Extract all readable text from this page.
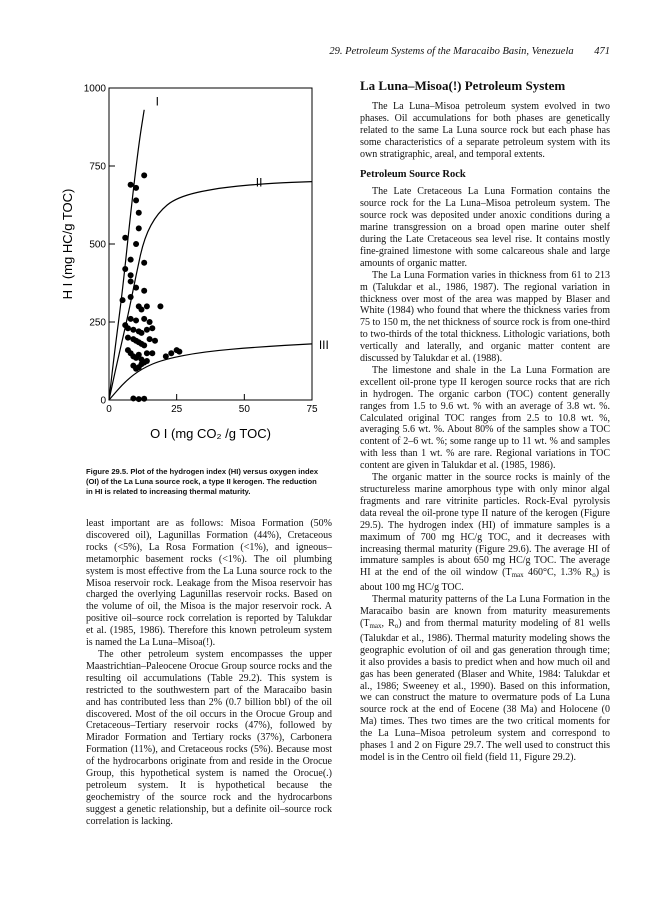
29. Petroleum Systems of the Maracaibo Basin, Venezuela 471
0
250
500
750
1000
0	25	50	75
O I (mg CO₂ /g TOC)
H I (mg HC/g TOC)
I
II
III
Figure 29.5. Plot of the hydrogen index (HI) versus oxygen index (OI) of the La Luna source rock, a type II kerogen. The reduction in HI is related to increasing thermal maturity.

least important are as follows: Misoa Formation (50% discovered oil), Lagunillas Formation (44%), Cretaceous rocks (<5%), La Rosa Formation (<1%), and igneous–metamorphic basement rocks (<1%). The oil plumbing system is most effective from the La Luna source rock to the Misoa reservoir rock. Leakage from the Misoa reservoir has charged the overlying Lagunillas reservoir rocks. Based on the volume of oil, the Misoa is the major reservoir rock. A positive oil–source rock correlation is reported by Talukdar et al. (1985, 1986). Therefore this known petroleum system is named the La Luna–Misoa(!).

The other petroleum system encompasses the upper Maastrichtian–Paleocene Orocue Group source rocks and the resulting oil accumulations (Table 29.2). This system is restricted to the southwestern part of the Maracaibo basin and has contributed less than 2% (0.7 billion bbl) of the oil discovered. Most of the oil occurs in the Orocue Group and Cretaceous–Tertiary reservoir rocks (47%), followed by Mirador Formation and Tertiary rocks (37%), Carbonera Formation (11%), and Cretaceous rocks (5%). Because most of the hydrocarbons originate from and reside in the Orocue Group, this hypothetical system is named the Orocue(.) petroleum system. It is hypothetical because the geochemistry of the source rock and the hydrocarbons suggest a genetic relationship, but a definite oil–source rock correlation is lacking.

La Luna–Misoa(!) Petroleum System

The La Luna–Misoa petroleum system evolved in two phases. Oil accumulations for both phases are genetically related to the same La Luna source rock but each phase has some characteristics of a separate petroleum system with its own stratigraphic, areal, and temporal extents.

Petroleum Source Rock

The Late Cretaceous La Luna Formation contains the source rock for the La Luna–Misoa petroleum system. The source rock was deposited under anoxic conditions during a marine transgression on a broad open marine outer shelf during the Late Cretaceous sea level rise. It contains mostly fine-grained limestone with some calcareous shale and large amounts of organic matter.

The La Luna Formation varies in thickness from 61 to 213 m (Talukdar et al., 1986, 1987). The regional variation in thickness over most of the area was mapped by Blaser and White (1984) who found that where the thickness varies from 75 to 150 m, the net thickness of source rock is from one-third to two-thirds of the total thickness. Lithologic variations, both vertically and laterally, and organic matter content are discussed by Talukdar et al. (1988).

The limestone and shale in the La Luna Formation are excellent oil-prone type II kerogen source rocks that are rich in hydrogen. The organic carbon (TOC) content generally ranges from 1.5 to 9.6 wt. % with an average of 3.8 wt. %. Calculated original TOC ranges from 2.5 to 10.8 wt. %, averaging 5.6 wt. %. About 80% of the samples show a TOC content of 2–6 wt. %; some range up to 11 wt. % and samples with less than 1 wt. % are rare. Regional variations in TOC content are given in Talukdar et al. (1985, 1986).

The organic matter in the source rocks is mainly of the structureless marine amorphous type with only minor algal fragments and rare vitrinite particles. Rock-Eval pyrolysis data reveal the oil-prone type II nature of the kerogen (Figure 29.5). The hydrogen index (HI) of immature samples is a maximum of 700 mg HC/g TOC, and it decreases with increasing thermal maturity (Figure 29.6). The average HI of immature samples is about 650 mg HC/g TOC. The average HI at the end of the oil window ($T_{max}$ 460°C, 1.3% $R_o$) is about 100 mg HC/g TOC.

Thermal maturity patterns of the La Luna Formation in the Maracaibo basin are known from maturity measurements ($T_{max}$, $R_o$) and from thermal maturity modeling of 81 wells (Talukdar et al., 1986). Thermal maturity modeling shows the geographic evolution of oil and gas generation through time; it also provides a basis to predict when and how much oil and gas has been generated (Blaser and White, 1984: Talukdar et al., 1986; Sweeney et al., 1990). Based on this information, we can construct the mature to overmature pods of La Luna source rock at the end of Eocene (38 Ma) and Holocene (0 Ma) times. Thes two times are the two critical moments for the La Luna–Misoa petroleum system and correspond to phases 1 and 2 on Figure 29.7. The well used to construct this model is in the Centro oil field (field 11, Figure 29.2).
